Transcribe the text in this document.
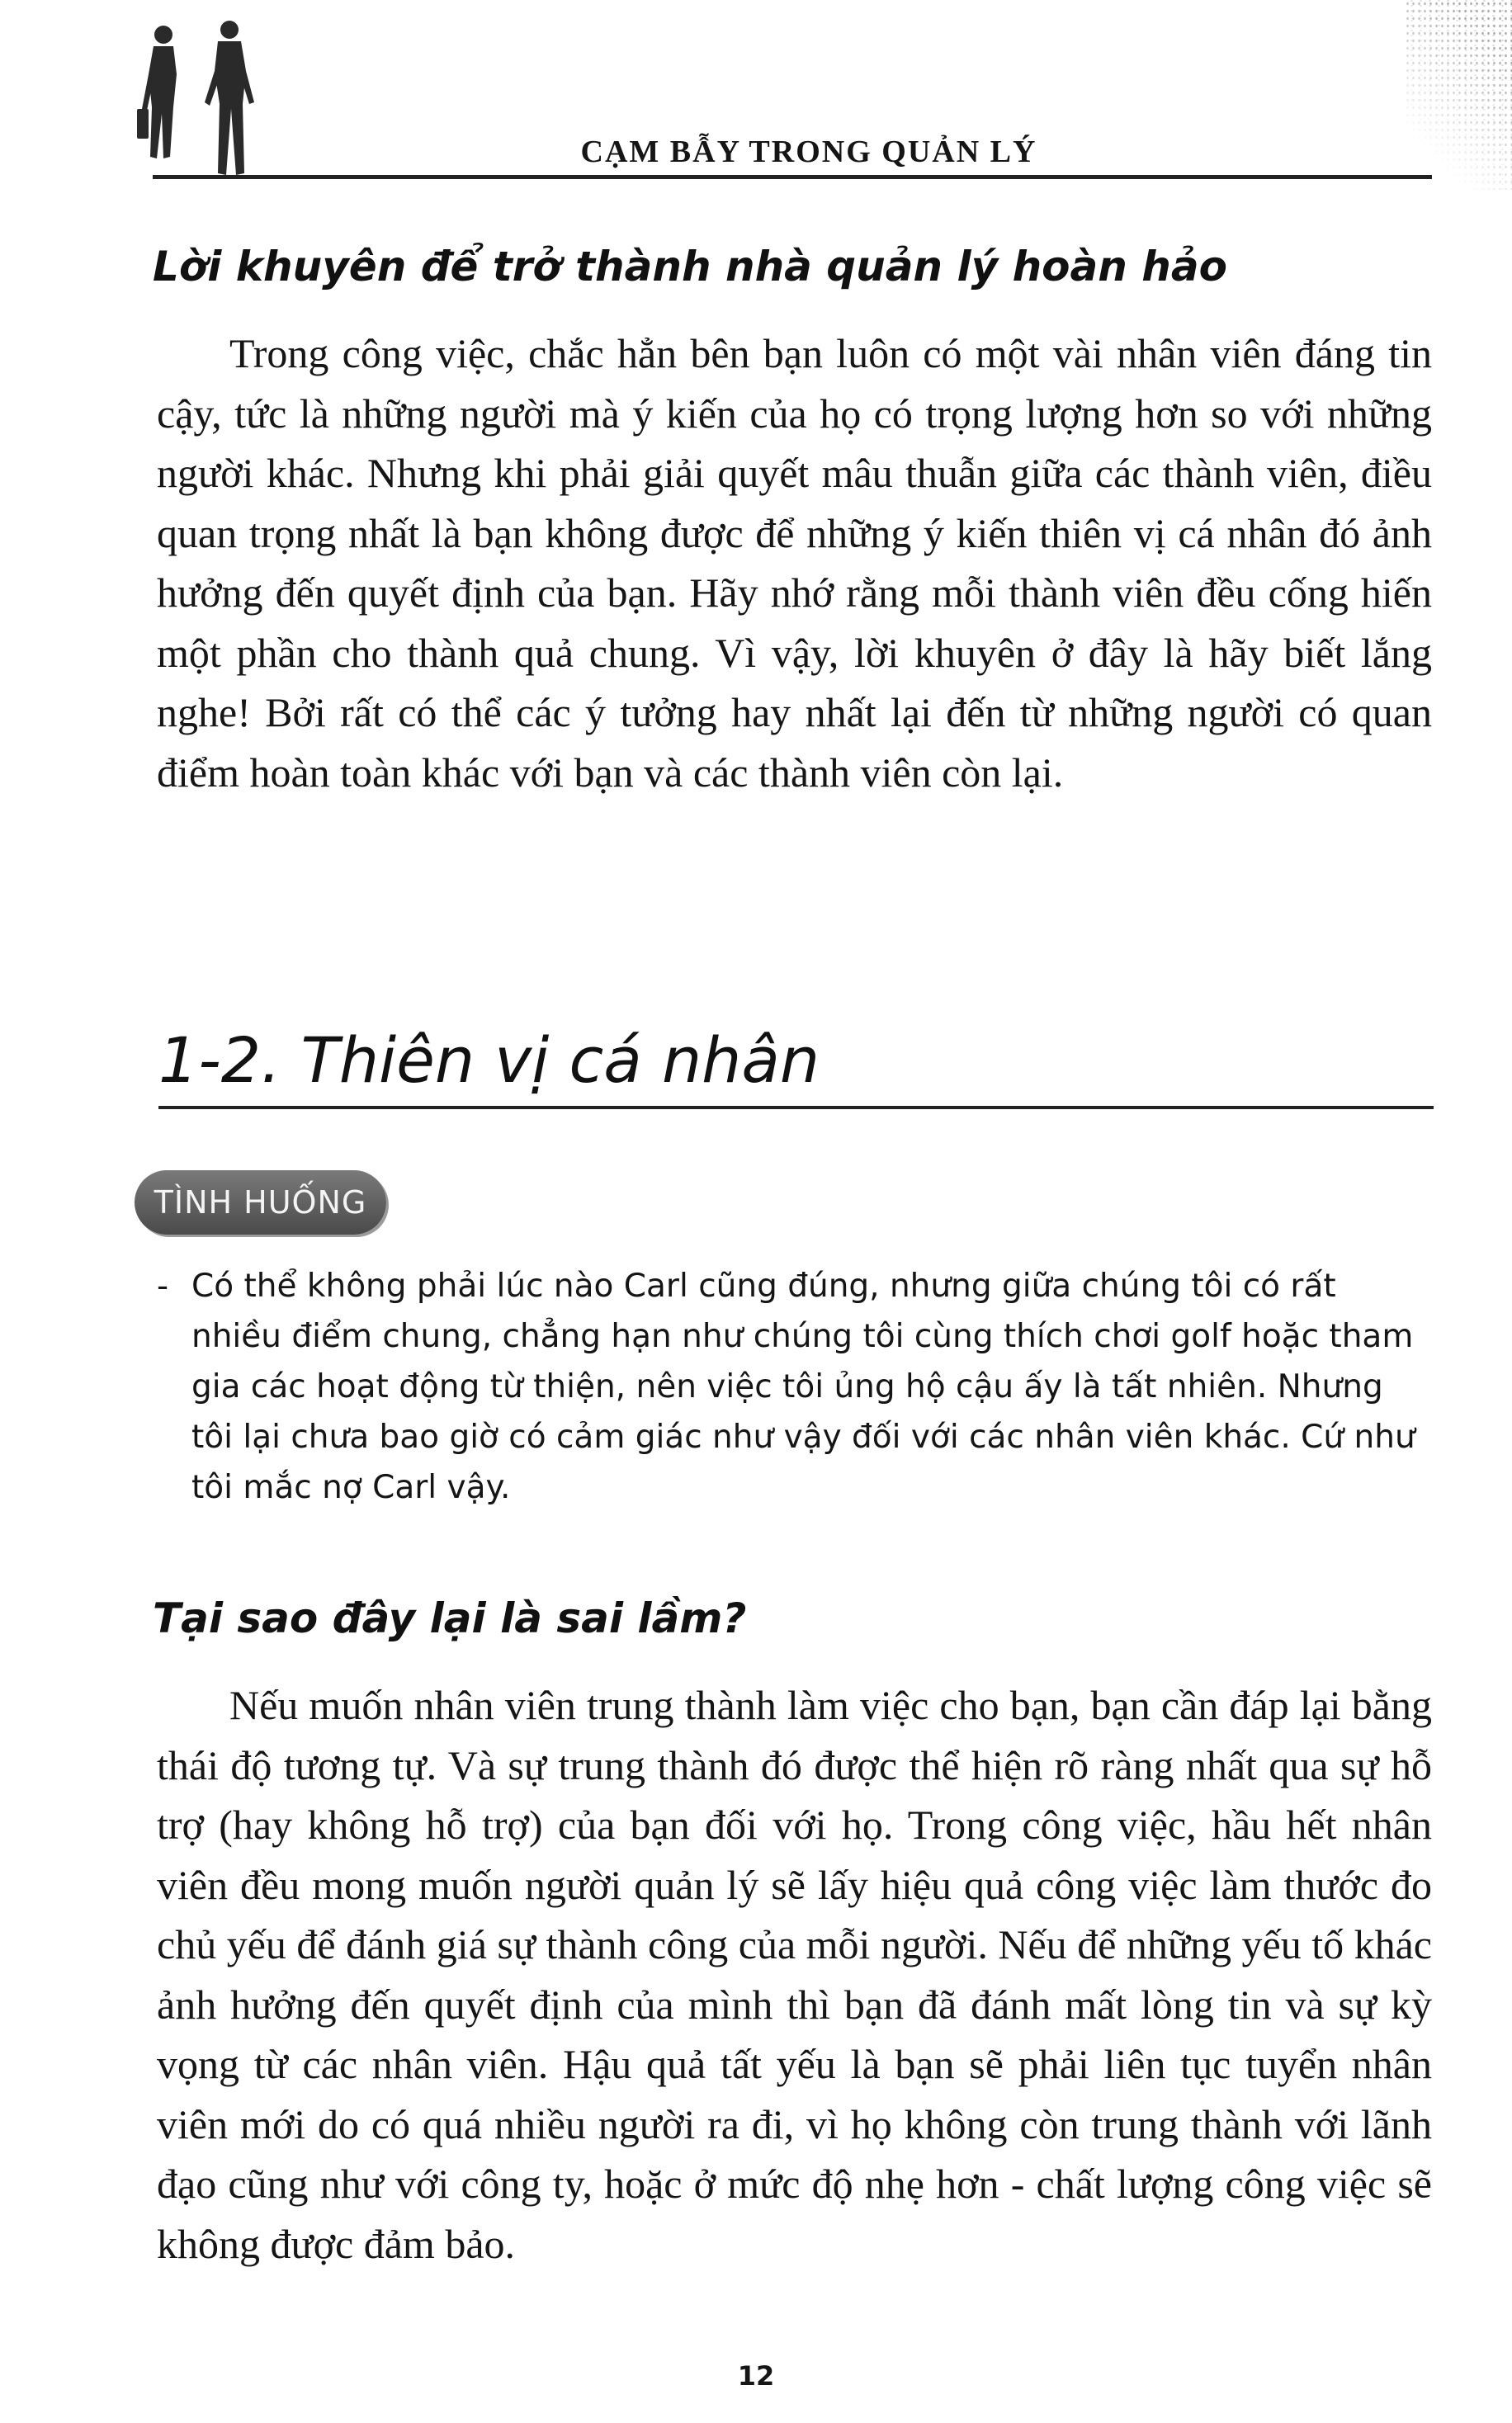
CẠM BẪY TRONG QUẢN LÝ
Lời khuyên để trở thành nhà quản lý hoàn hảo

Trong công việc, chắc hẳn bên bạn luôn có một vài nhân viên đáng tin cậy, tức là những người mà ý kiến của họ có trọng lượng hơn so với những người khác. Nhưng khi phải giải quyết mâu thuẫn giữa các thành viên, điều quan trọng nhất là bạn không được để những ý kiến thiên vị cá nhân đó ảnh hưởng đến quyết định của bạn. Hãy nhớ rằng mỗi thành viên đều cống hiến một phần cho thành quả chung. Vì vậy, lời khuyên ở đây là hãy biết lắng nghe! Bởi rất có thể các ý tưởng hay nhất lại đến từ những người có quan điểm hoàn toàn khác với bạn và các thành viên còn lại.

1-2. Thiên vị cá nhân
TÌNH HUỐNG

- Có thể không phải lúc nào Carl cũng đúng, nhưng giữa chúng tôi có rất nhiều điểm chung, chẳng hạn như chúng tôi cùng thích chơi golf hoặc tham gia các hoạt động từ thiện, nên việc tôi ủng hộ cậu ấy là tất nhiên. Nhưng tôi lại chưa bao giờ có cảm giác như vậy đối với các nhân viên khác. Cứ như tôi mắc nợ Carl vậy.

Tại sao đây lại là sai lầm?

Nếu muốn nhân viên trung thành làm việc cho bạn, bạn cần đáp lại bằng thái độ tương tự. Và sự trung thành đó được thể hiện rõ ràng nhất qua sự hỗ trợ (hay không hỗ trợ) của bạn đối với họ. Trong công việc, hầu hết nhân viên đều mong muốn người quản lý sẽ lấy hiệu quả công việc làm thước đo chủ yếu để đánh giá sự thành công của mỗi người. Nếu để những yếu tố khác ảnh hưởng đến quyết định của mình thì bạn đã đánh mất lòng tin và sự kỳ vọng từ các nhân viên. Hậu quả tất yếu là bạn sẽ phải liên tục tuyển nhân viên mới do có quá nhiều người ra đi, vì họ không còn trung thành với lãnh đạo cũng như với công ty, hoặc ở mức độ nhẹ hơn - chất lượng công việc sẽ không được đảm bảo.

12
